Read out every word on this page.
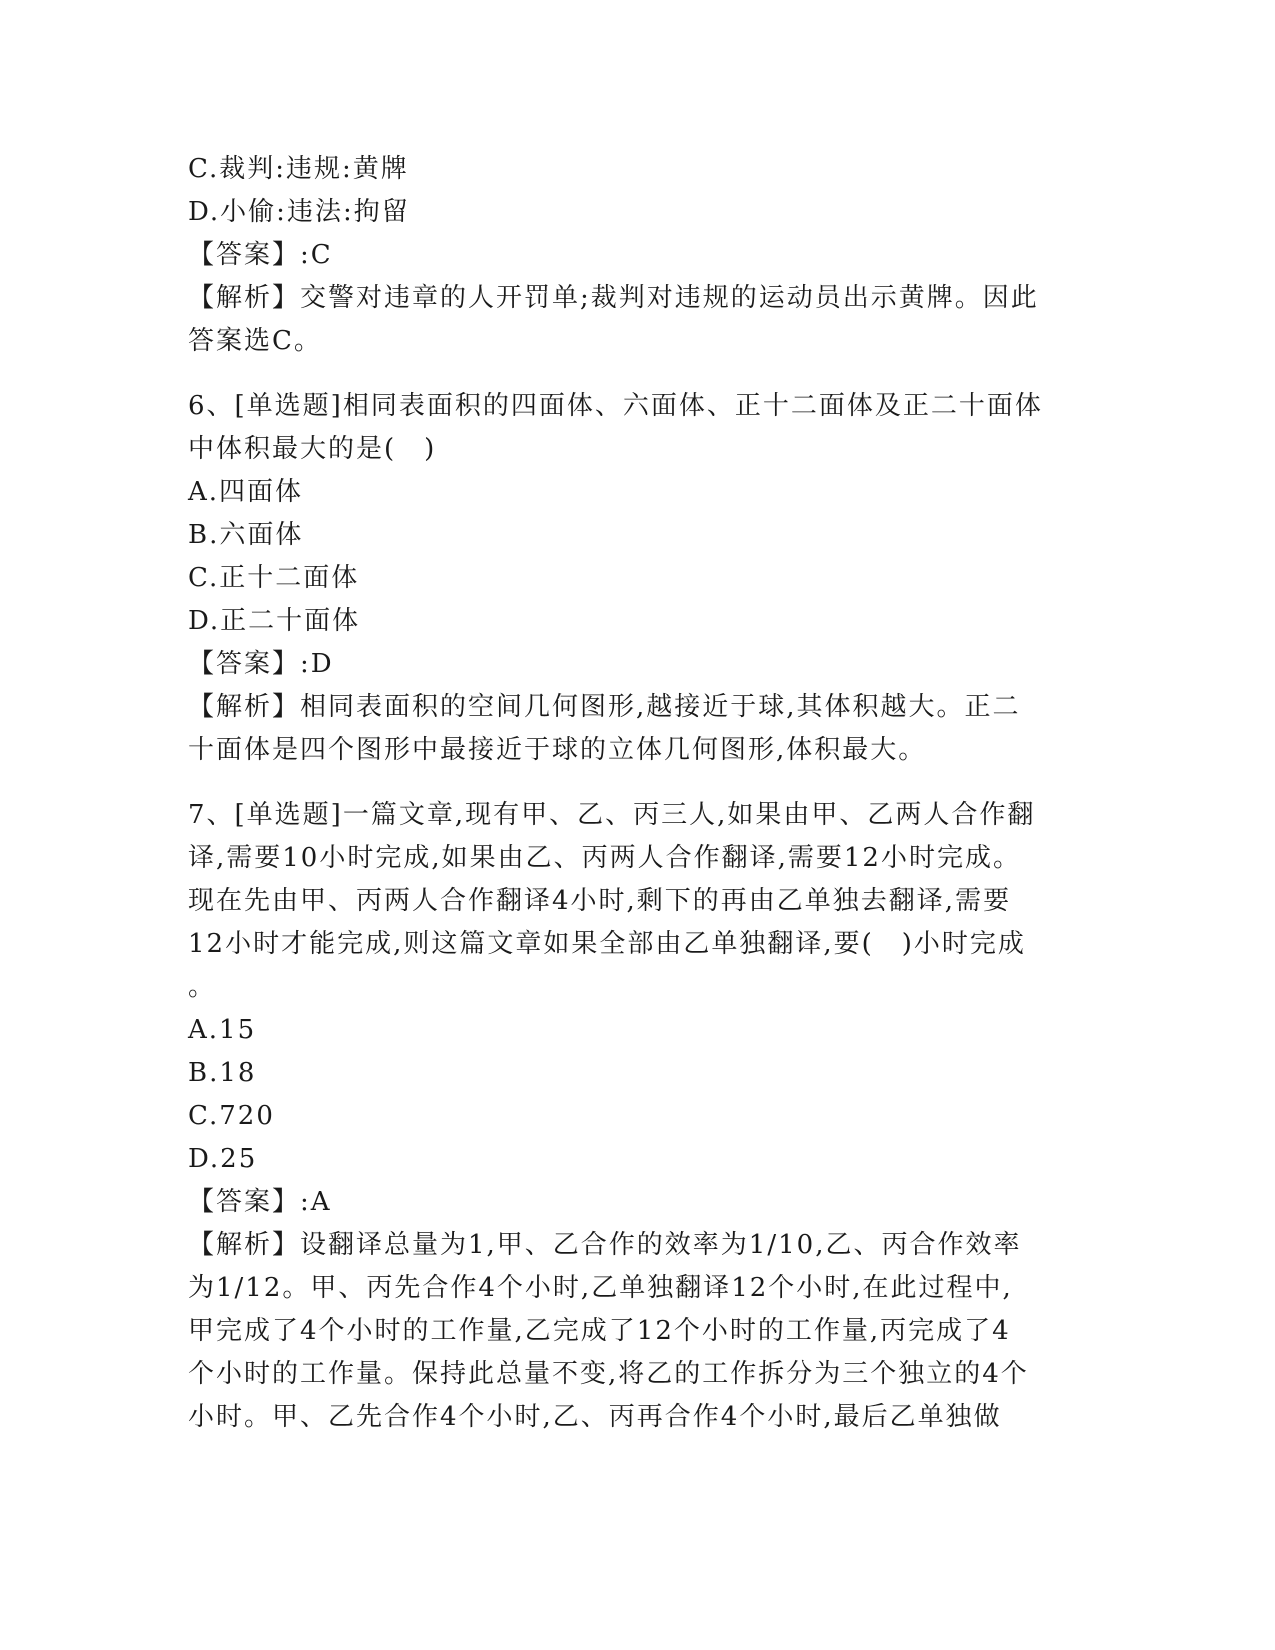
C.裁判:违规:黄牌
D.小偷:违法:拘留
【答案】:C
【解析】交警对违章的人开罚单;裁判对违规的运动员出示黄牌。因此
答案选C。
6、[单选题]相同表面积的四面体、六面体、正十二面体及正二十面体
中体积最大的是(　)
A.四面体
B.六面体
C.正十二面体
D.正二十面体
【答案】:D
【解析】相同表面积的空间几何图形,越接近于球,其体积越大。正二
十面体是四个图形中最接近于球的立体几何图形,体积最大。
7、[单选题]一篇文章,现有甲、乙、丙三人,如果由甲、乙两人合作翻
译,需要10小时完成,如果由乙、丙两人合作翻译,需要12小时完成。
现在先由甲、丙两人合作翻译4小时,剩下的再由乙单独去翻译,需要
12小时才能完成,则这篇文章如果全部由乙单独翻译,要(　)小时完成
。
A.15
B.18
C.720
D.25
【答案】:A
【解析】设翻译总量为1,甲、乙合作的效率为1/10,乙、丙合作效率
为1/12。甲、丙先合作4个小时,乙单独翻译12个小时,在此过程中,
甲完成了4个小时的工作量,乙完成了12个小时的工作量,丙完成了4
个小时的工作量。保持此总量不变,将乙的工作拆分为三个独立的4个
小时。甲、乙先合作4个小时,乙、丙再合作4个小时,最后乙单独做
